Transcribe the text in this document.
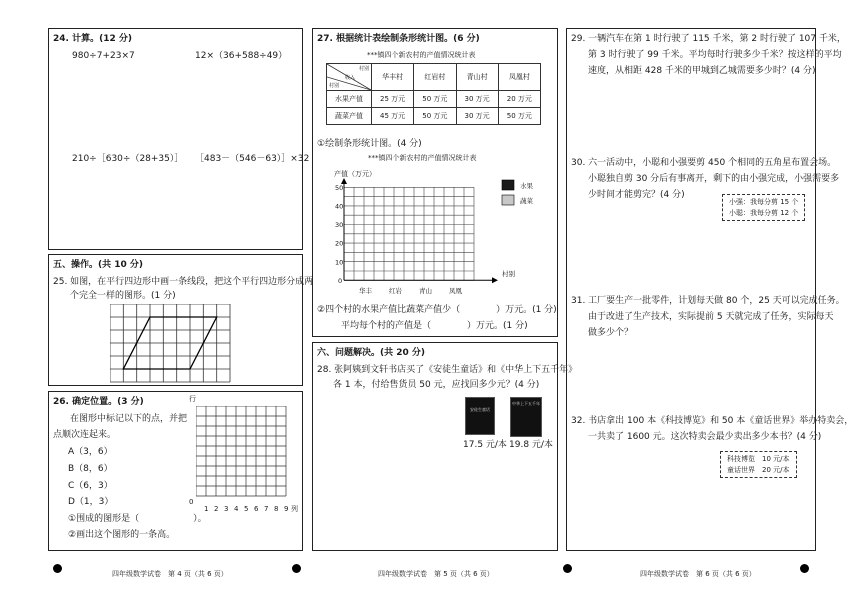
24. 计算。(12 分)
980÷7+23×7	12×（36+588÷49）
210÷［630÷（28+35）］ ［483－（546－63）］×32
五、操作。(共 10 分)
25. 如图，在平行四边形中画一条线段，把这个平行四边形分成两
个完全一样的图形。(1 分)
26. 确定位置。(3 分)
在图形中标记以下的点，并把
点顺次连起来。
A（3，6）
B（8，6）
C（6，3）
D（1，3）
①围成的图形是（　　　　　　）。
②画出这个图形的一条高。
行
0
1 2 3 4 5 6 7 8 9 列
27. 根据统计表绘制条形统计图。(6 分)
***镇四个新农村的产值情况统计表
村别
收入
村别	华丰村	红岩村	青山村	凤凰村
水果产值	25 万元	50 万元	30 万元	20 万元
蔬菜产值	45 万元	50 万元	30 万元	50 万元
①绘制条形统计图。(4 分)
***镇四个新农村的产值情况统计表
产值（万元）
50
40
30
20
10
0
华丰	红岩	青山	凤凰
村别
水果
蔬菜
②四个村的水果产值比蔬菜产值少（　　　　）万元。(1 分)
平均每个村的产值是（　　　　）万元。(1 分)
六、问题解决。(共 20 分)
28. 张阿姨到文轩书店买了《安徒生童话》和《中华上下五千年》
各 1 本，付给售货员 50 元，应找回多少元？(4 分)
安徒生童话
中华上下五千年
17.5 元/本 19.8 元/本
29. 一辆汽车在第 1 时行驶了 115 千米，第 2 时行驶了 107 千米，
第 3 时行驶了 99 千米。平均每时行驶多少千米？按这样的平均
速度，从相距 428 千米的甲城到乙城需要多少时？(4 分)
30. 六一活动中，小聪和小强要剪 450 个相同的五角星布置会场。
小聪独自剪 30 分后有事离开，剩下的由小强完成，小强需要多
少时间才能剪完？(4 分)
小强：我每分剪 15 个
小聪：我每分剪 12 个
31. 工厂要生产一批零件，计划每天做 80 个，25 天可以完成任务。
由于改进了生产技术，实际提前 5 天就完成了任务，实际每天
做多少个？
32. 书店拿出 100 本《科技博览》和 50 本《童话世界》举办特卖会，
一共卖了 1600 元。这次特卖会最少卖出多少本书？(4 分)
科技博览　10 元/本
童话世界　20 元/本
四年级数学试卷　第 4 页（共 6 页）	四年级数学试卷　第 5 页（共 6 页）	四年级数学试卷　第 6 页（共 6 页）
